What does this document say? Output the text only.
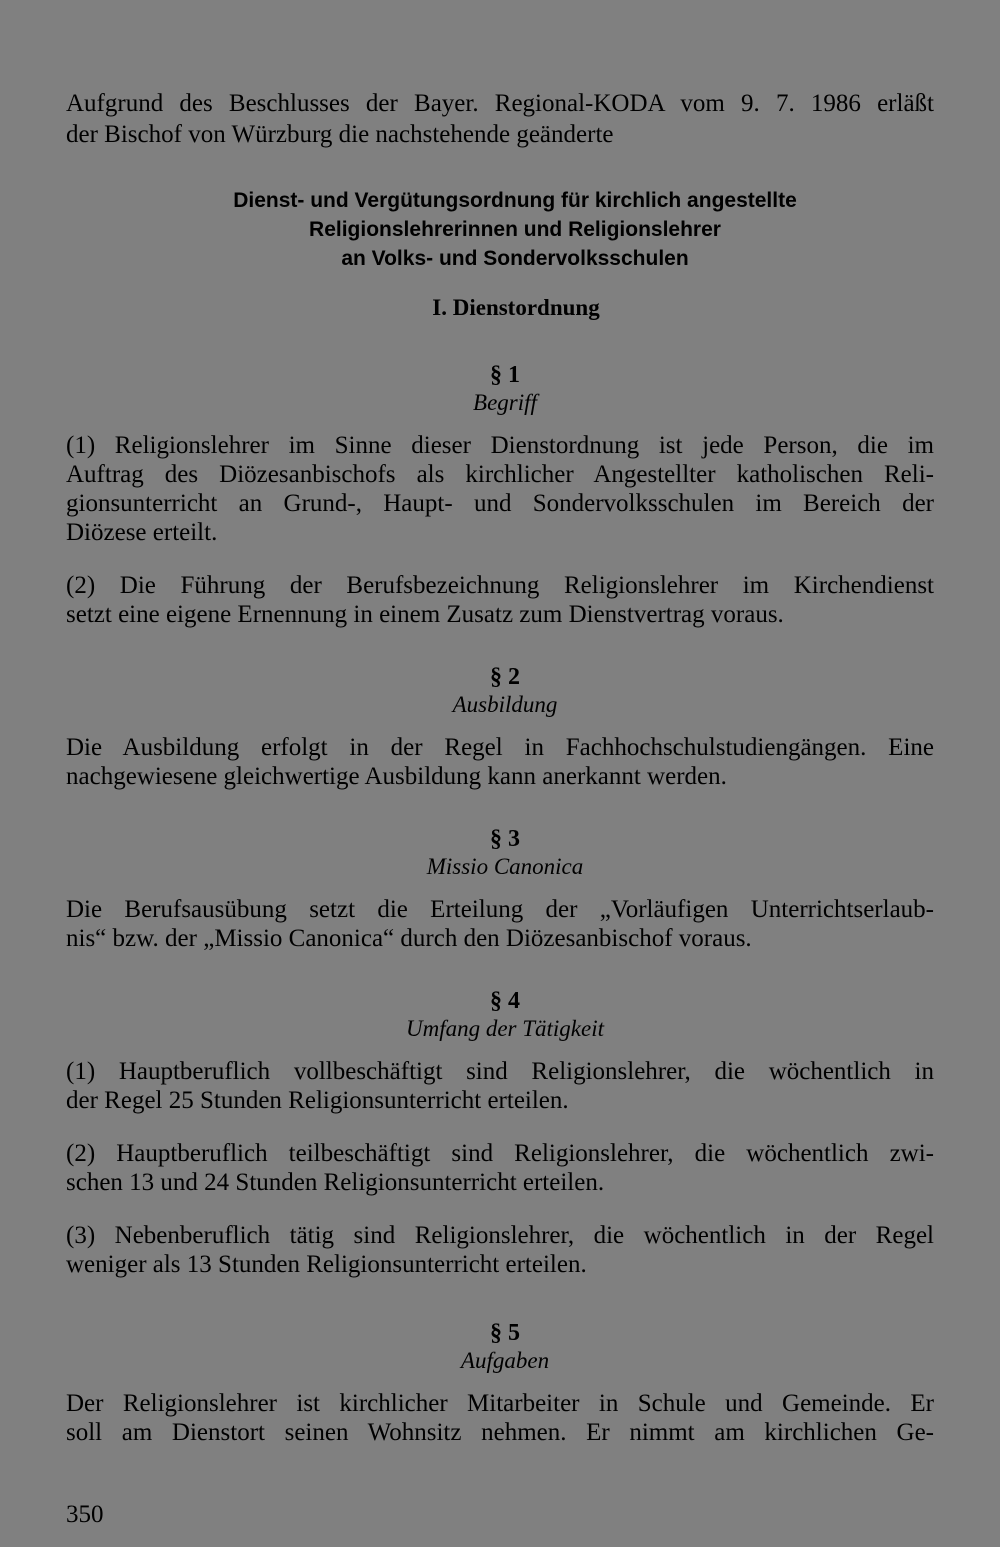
Aufgrund des Beschlusses der Bayer. Regional-KODA vom 9. 7. 1986 erläßt
der Bischof von Würzburg die nachstehende geänderte

Dienst- und Vergütungsordnung für kirchlich angestellte
Religionslehrerinnen und Religionslehrer
an Volks- und Sondervolksschulen
I. Dienstordnung
§ 1
Begriff

(1) Religionslehrer im Sinne dieser Dienstordnung ist jede Person, die im
Auftrag des Diözesanbischofs als kirchlicher Angestellter katholischen Reli-
gionsunterricht an Grund-, Haupt- und Sondervolksschulen im Bereich der
Diözese erteilt.

(2) Die Führung der Berufsbezeichnung Religionslehrer im Kirchendienst
setzt eine eigene Ernennung in einem Zusatz zum Dienstvertrag voraus.

§ 2
Ausbildung

Die Ausbildung erfolgt in der Regel in Fachhochschulstudiengängen. Eine
nachgewiesene gleichwertige Ausbildung kann anerkannt werden.

§ 3
Missio Canonica

Die Berufsausübung setzt die Erteilung der „Vorläufigen Unterrichtserlaub-
nis“ bzw. der „Missio Canonica“ durch den Diözesanbischof voraus.

§ 4
Umfang der Tätigkeit

(1) Hauptberuflich vollbeschäftigt sind Religionslehrer, die wöchentlich in
der Regel 25 Stunden Religionsunterricht erteilen.

(2) Hauptberuflich teilbeschäftigt sind Religionslehrer, die wöchentlich zwi-
schen 13 und 24 Stunden Religionsunterricht erteilen.

(3) Nebenberuflich tätig sind Religionslehrer, die wöchentlich in der Regel
weniger als 13 Stunden Religionsunterricht erteilen.

§ 5
Aufgaben

Der Religionslehrer ist kirchlicher Mitarbeiter in Schule und Gemeinde. Er
soll am Dienstort seinen Wohnsitz nehmen. Er nimmt am kirchlichen Ge-

350
